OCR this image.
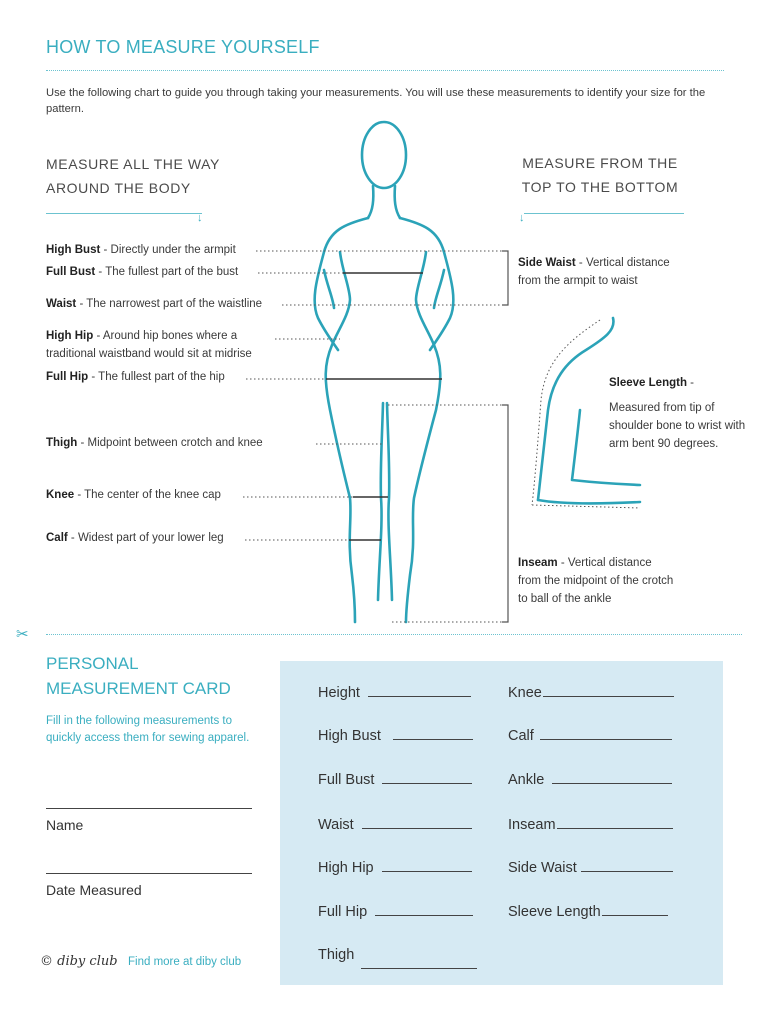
HOW TO MEASURE YOURSELF
Use the following chart to guide you through taking your measurements. You will use these measurements to identify your size for the pattern.
MEASURE ALL THE WAY
AROUND THE BODY
↓
MEASURE FROM THE
TOP TO THE BOTTOM
↓
High Bust - Directly under the armpit
Full Bust - The fullest part of the bust
Waist - The narrowest part of the waistline
High Hip - Around hip bones where a traditional waistband would sit at midrise
Full Hip - The fullest part of the hip
Thigh - Midpoint between crotch and knee
Knee - The center of the knee cap
Calf - Widest part of your lower leg
Side Waist - Vertical distance from the armpit to waist
Sleeve Length -
Measured from tip of shoulder bone to wrist with arm bent 90 degrees.
Inseam - Vertical distance from the midpoint of the crotch to ball of the ankle
✂
PERSONAL
MEASUREMENT CARD
Fill in the following measurements to quickly access them for sewing apparel.
Name
Date Measured
Height
High Bust
Full Bust
Waist
High Hip
Full Hip
Thigh
Knee
Calf
Ankle
Inseam
Side Waist
Sleeve Length
© diby club Find more at diby club
